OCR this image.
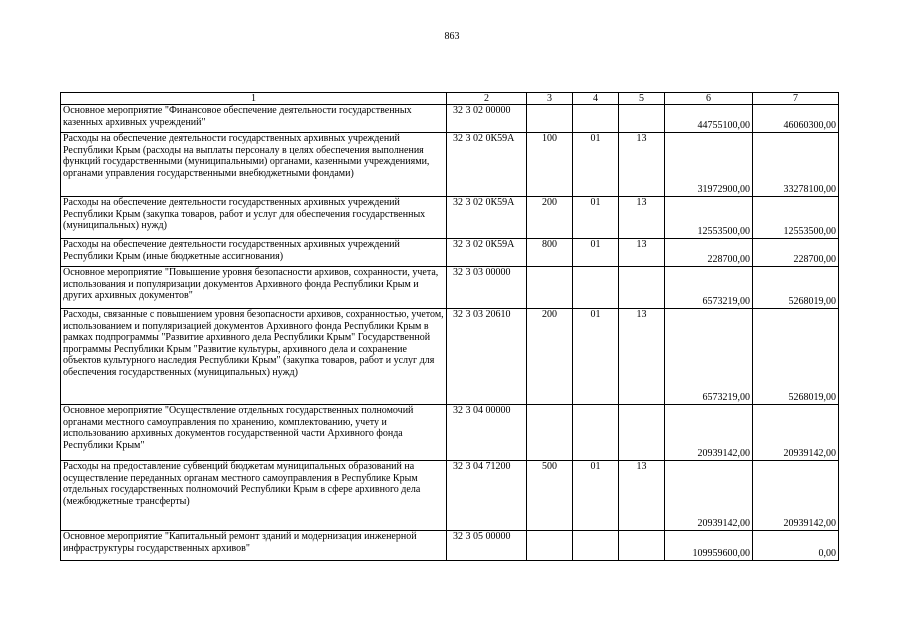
863
1	2	3	4	5	6	7
Основное мероприятие "Финансовое обеспечение деятельности государственных казенных архивных учреждений"	32 3 02 00000				44755100,00	46060300,00
Расходы на обеспечение деятельности государственных архивных учреждений Республики Крым (расходы на выплаты персоналу в целях обеспечения выполнения функций государственными (муниципальными) органами, казенными учреждениями, органами управления государственными внебюджетными фондами)	32 3 02 0К59А	100	01	13	31972900,00	33278100,00
Расходы на обеспечение деятельности государственных архивных учреждений Республики Крым (закупка товаров, работ и услуг для обеспечения государственных (муниципальных) нужд)	32 3 02 0К59А	200	01	13	12553500,00	12553500,00
Расходы на обеспечение деятельности государственных архивных учреждений Республики Крым (иные бюджетные ассигнования)	32 3 02 0К59А	800	01	13	228700,00	228700,00
Основное мероприятие "Повышение уровня безопасности архивов, сохранности, учета, использования и популяризации документов Архивного фонда Республики Крым и других архивных документов"	32 3 03 00000				6573219,00	5268019,00
Расходы, связанные с повышением уровня безопасности архивов, сохранностью, учетом, использованием и популяризацией документов Архивного фонда Республики Крым в рамках подпрограммы "Развитие архивного дела Республики Крым" Государственной программы Республики Крым "Развитие культуры, архивного дела и сохранение объектов культурного наследия Республики Крым" (закупка товаров, работ и услуг для обеспечения государственных (муниципальных) нужд)	32 3 03 20610	200	01	13	6573219,00	5268019,00
Основное мероприятие "Осуществление отдельных государственных полномочий органами местного самоуправления по хранению, комплектованию, учету и использованию архивных документов государственной части Архивного фонда Республики Крым"	32 3 04 00000				20939142,00	20939142,00
Расходы на предоставление субвенций бюджетам муниципальных образований на осуществление переданных органам местного самоуправления в Республике Крым отдельных государственных полномочий Республики Крым в сфере архивного дела (межбюджетные трансферты)	32 3 04 71200	500	01	13	20939142,00	20939142,00
Основное мероприятие "Капитальный ремонт зданий и модернизация инженерной инфраструктуры государственных архивов"	32 3 05 00000				109959600,00	0,00
